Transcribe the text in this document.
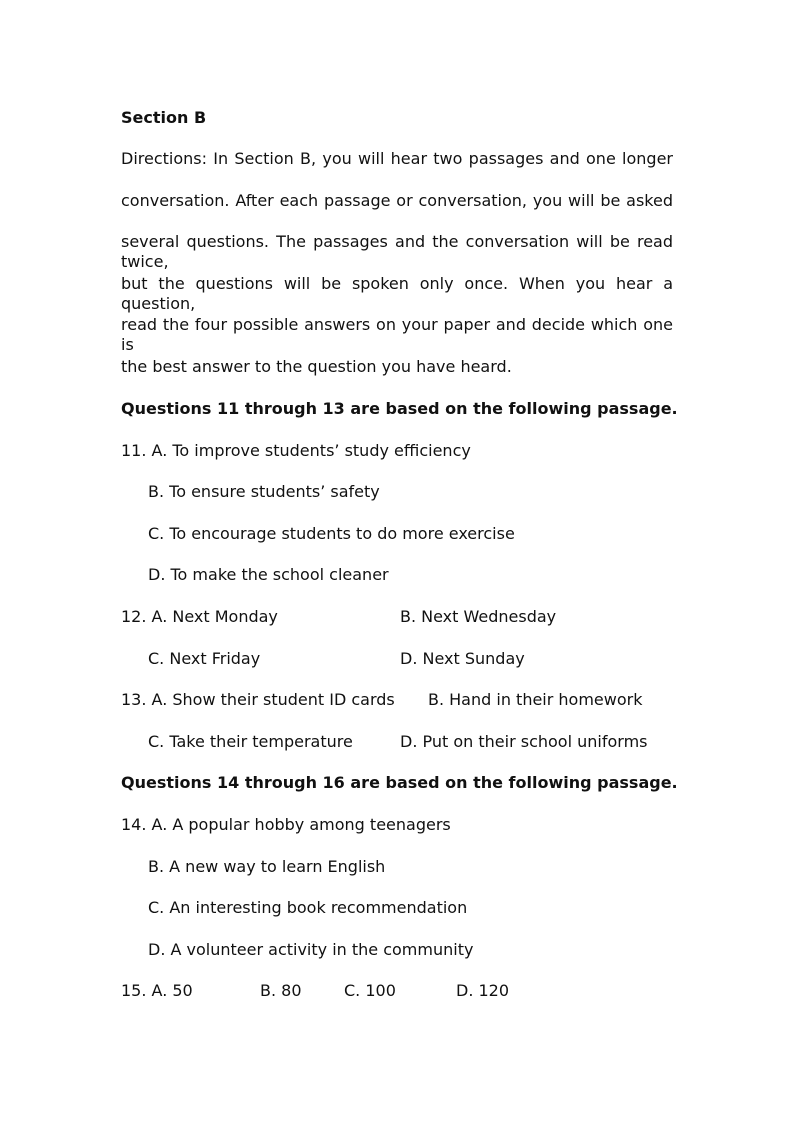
Section B
Directions: In Section B, you will hear two passages and one longer
conversation. After each passage or conversation, you will be asked
several questions. The passages and the conversation will be read twice,
but the questions will be spoken only once. When you hear a question,
read the four possible answers on your paper and decide which one is
the best answer to the question you have heard.
Questions 11 through 13 are based on the following passage.
11. A. To improve students’ study efficiency
B. To ensure students’ safety
C. To encourage students to do more exercise
D. To make the school cleaner
12. A. Next Monday	B. Next Wednesday
C. Next Friday	D. Next Sunday
13. A. Show their student ID cards B. Hand in their homework
C. Take their temperature	D. Put on their school uniforms
Questions 14 through 16 are based on the following passage.
14. A. A popular hobby among teenagers
B. A new way to learn English
C. An interesting book recommendation
D. A volunteer activity in the community
15. A. 50	B. 80	C. 100	D. 120
